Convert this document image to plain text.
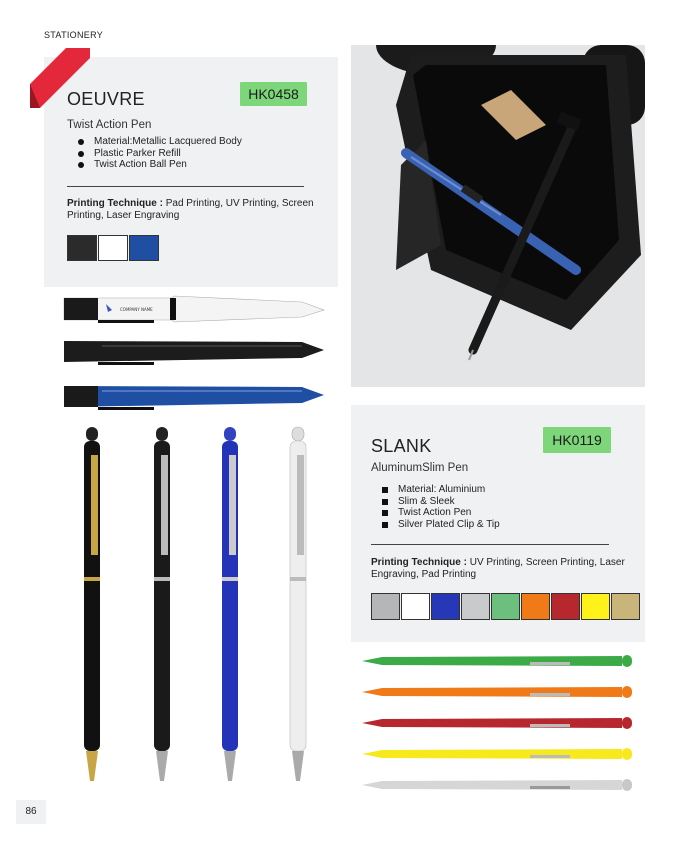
STATIONERY
HK0458
OEUVRE
Twist Action Pen
Material:Metallic Lacquered Body
Plastic Parker Refill
Twist Action Ball Pen
Printing Technique : Pad Printing, UV Printing, Screen Printing, Laser Engraving
COMPANY NAME
HK0119
SLANK
AluminumSlim Pen
Material: Aluminium
Slim & Sleek
Twist Action Pen
Silver Plated Clip & Tip
Printing Technique : UV Printing, Screen Printing, Laser Engraving, Pad Printing
86
